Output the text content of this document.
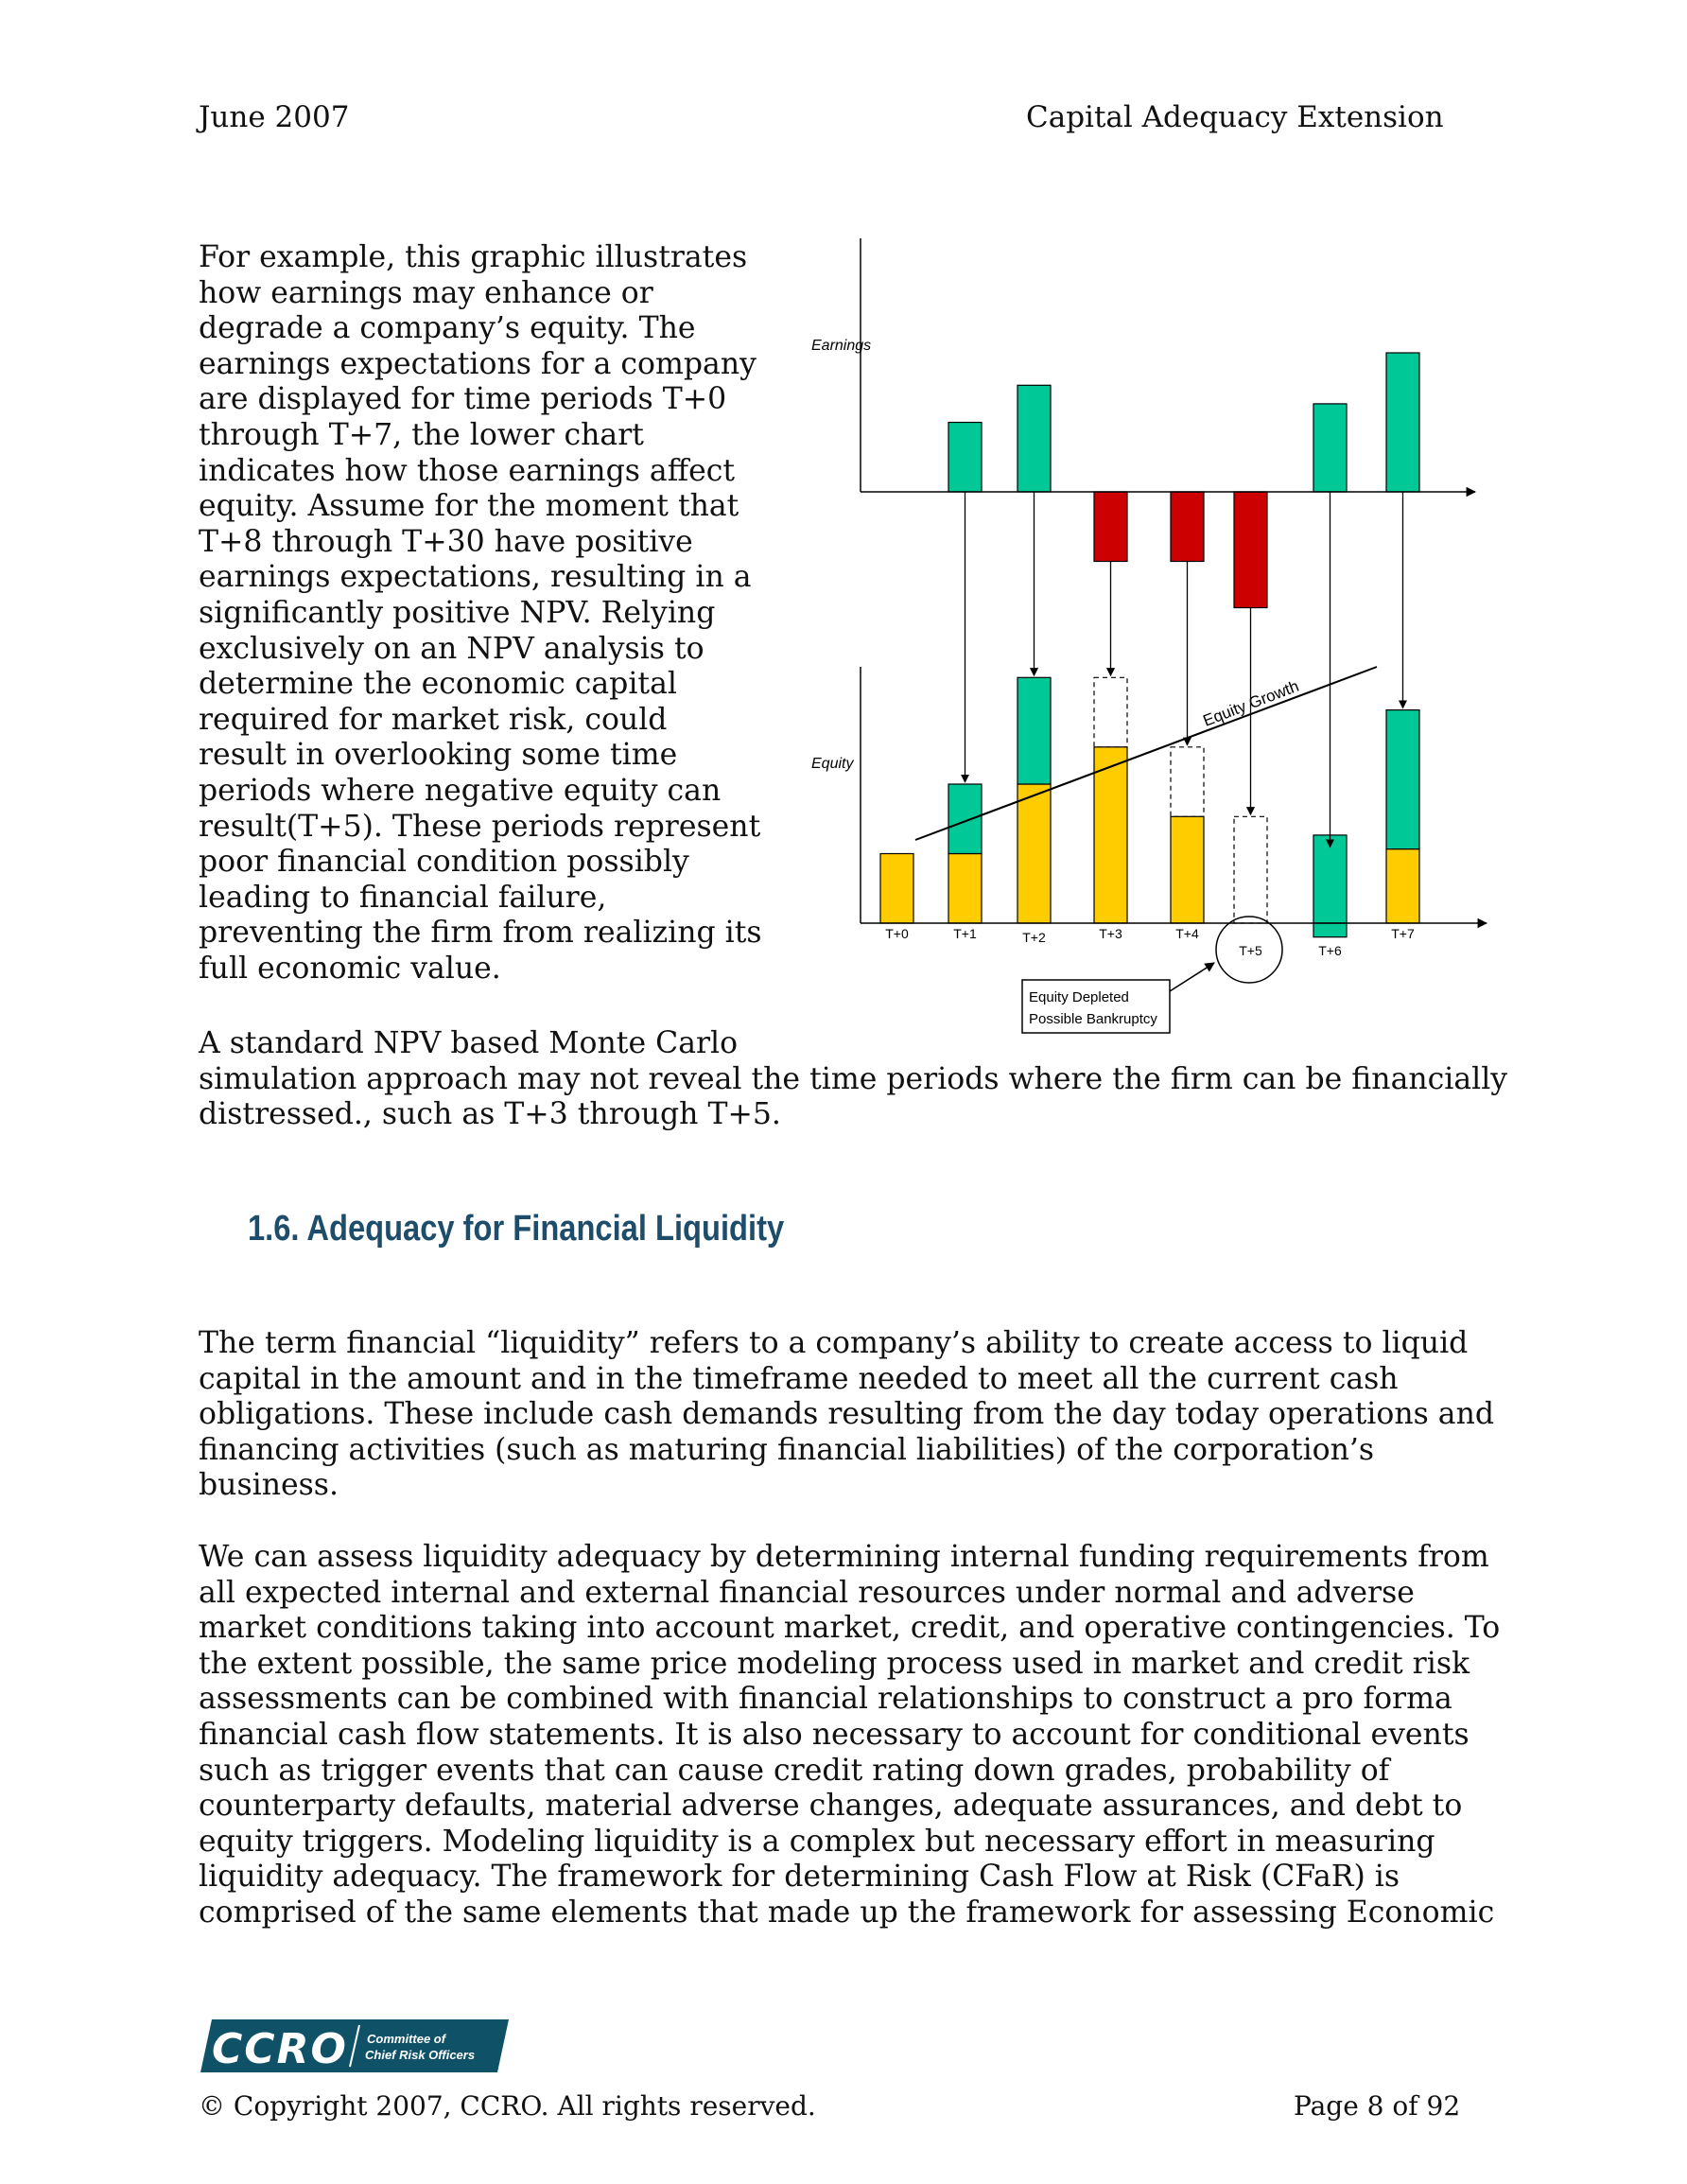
June 2007	Capital Adequacy Extension
For example, this graphic illustrates
how earnings may enhance or
degrade a company’s equity. The
earnings expectations for a company
are displayed for time periods T+0
through T+7, the lower chart
indicates how those earnings affect
equity. Assume for the moment that
T+8 through T+30 have positive
earnings expectations, resulting in a
significantly positive NPV. Relying
exclusively on an NPV analysis to
determine the economic capital
required for market risk, could
result in overlooking some time
periods where negative equity can
result(T+5). These periods represent
poor financial condition possibly
leading to financial failure,
preventing the firm from realizing its
full economic value.
A standard NPV based Monte Carlo
simulation approach may not reveal the time periods where the firm can be financially
distressed., such as T+3 through T+5.
1.6. Adequacy for Financial Liquidity
The term financial “liquidity” refers to a company’s ability to create access to liquid
capital in the amount and in the timeframe needed to meet all the current cash
obligations. These include cash demands resulting from the day today operations and
financing activities (such as maturing financial liabilities) of the corporation’s
business.
We can assess liquidity adequacy by determining internal funding requirements from
all expected internal and external financial resources under normal and adverse
market conditions taking into account market, credit, and operative contingencies. To
the extent possible, the same price modeling process used in market and credit risk
assessments can be combined with financial relationships to construct a pro forma
financial cash flow statements. It is also necessary to account for conditional events
such as trigger events that can cause credit rating down grades, probability of
counterparty defaults, material adverse changes, adequate assurances, and debt to
equity triggers. Modeling liquidity is a complex but necessary effort in measuring
liquidity adequacy. The framework for determining Cash Flow at Risk (CFaR) is
comprised of the same elements that made up the framework for assessing Economic
T+0	T+1	T+2	T+3	T+4
T+5	T+6
T+7
Earnings
Equity
Equity Growth
Equity Depleted
Possible Bankruptcy
CCRO Committee of
Chief Risk Officers
© Copyright 2007, CCRO. All rights reserved.	Page 8 of 92
